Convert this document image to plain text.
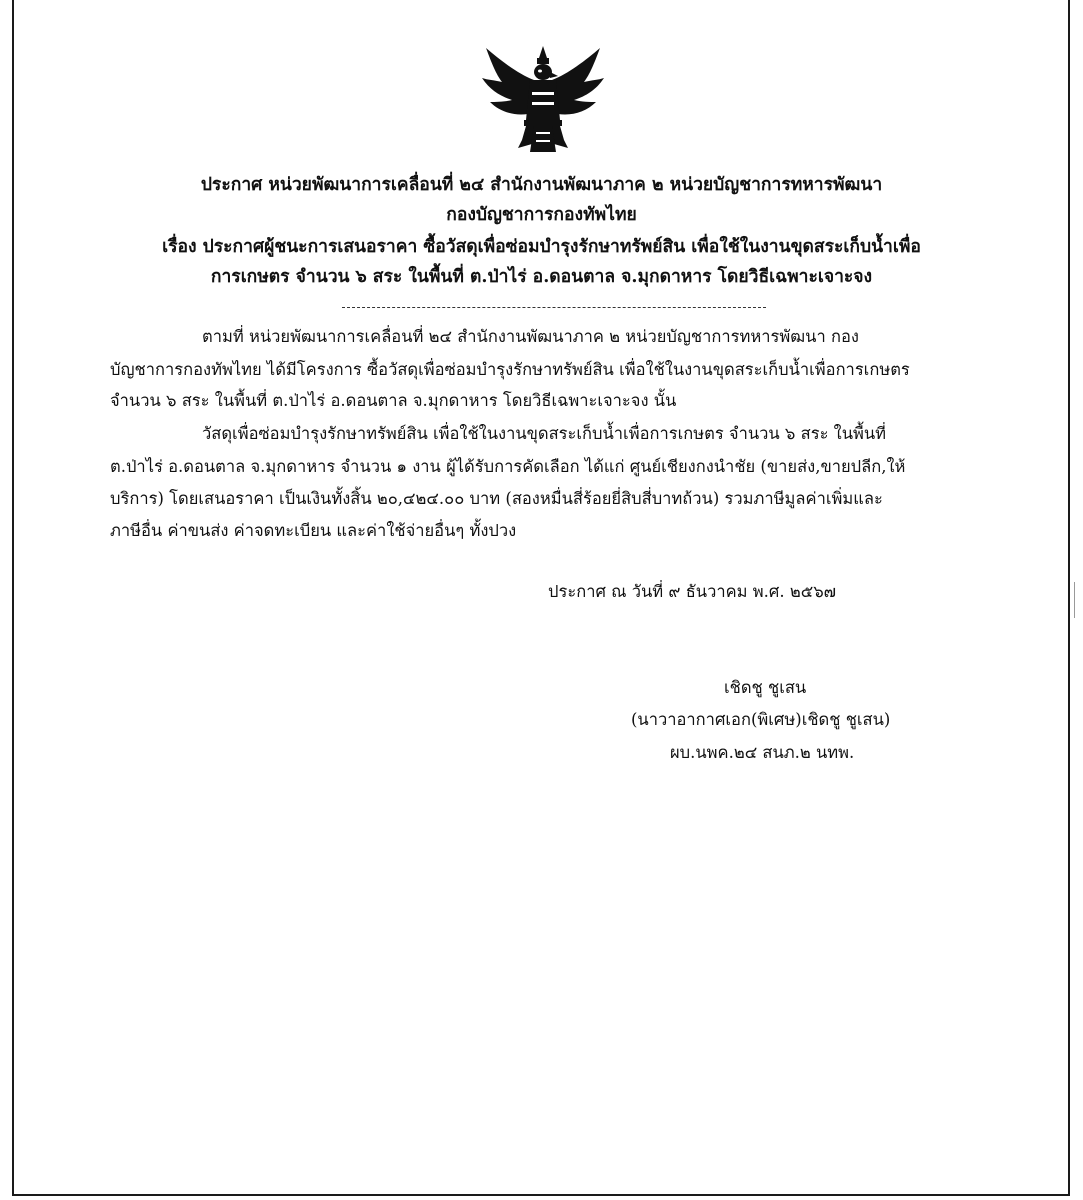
ประกาศ หน่วยพัฒนาการเคลื่อนที่ ๒๔ สำนักงานพัฒนาภาค ๒ หน่วยบัญชาการทหารพัฒนา
กองบัญชาการกองทัพไทย
เรื่อง ประกาศผู้ชนะการเสนอราคา ซื้อวัสดุเพื่อซ่อมบำรุงรักษาทรัพย์สิน เพื่อใช้ในงานขุดสระเก็บน้ำเพื่อ
การเกษตร จำนวน ๖ สระ ในพื้นที่ ต.ป่าไร่ อ.ดอนตาล จ.มุกดาหาร โดยวิธีเฉพาะเจาะจง
ตามที่ หน่วยพัฒนาการเคลื่อนที่ ๒๔ สำนักงานพัฒนาภาค ๒ หน่วยบัญชาการทหารพัฒนา กอง
บัญชาการกองทัพไทย ได้มีโครงการ ซื้อวัสดุเพื่อซ่อมบำรุงรักษาทรัพย์สิน เพื่อใช้ในงานขุดสระเก็บน้ำเพื่อการเกษตร
จำนวน ๖ สระ ในพื้นที่ ต.ป่าไร่ อ.ดอนตาล จ.มุกดาหาร โดยวิธีเฉพาะเจาะจง นั้น
วัสดุเพื่อซ่อมบำรุงรักษาทรัพย์สิน เพื่อใช้ในงานขุดสระเก็บน้ำเพื่อการเกษตร จำนวน ๖ สระ ในพื้นที่
ต.ป่าไร่ อ.ดอนตาล จ.มุกดาหาร จำนวน ๑ งาน ผู้ได้รับการคัดเลือก ได้แก่ ศูนย์เชียงกงนำชัย (ขายส่ง,ขายปลีก,ให้
บริการ) โดยเสนอราคา เป็นเงินทั้งสิ้น ๒๐,๔๒๔.๐๐ บาท (สองหมื่นสี่ร้อยยี่สิบสี่บาทถ้วน) รวมภาษีมูลค่าเพิ่มและ
ภาษีอื่น ค่าขนส่ง ค่าจดทะเบียน และค่าใช้จ่ายอื่นๆ ทั้งปวง
ประกาศ ณ วันที่ ๙ ธันวาคม พ.ศ. ๒๕๖๗
เชิดชู ชูเสน
(นาวาอากาศเอก(พิเศษ)เชิดชู ชูเสน)
ผบ.นพค.๒๔ สนภ.๒ นทพ.
